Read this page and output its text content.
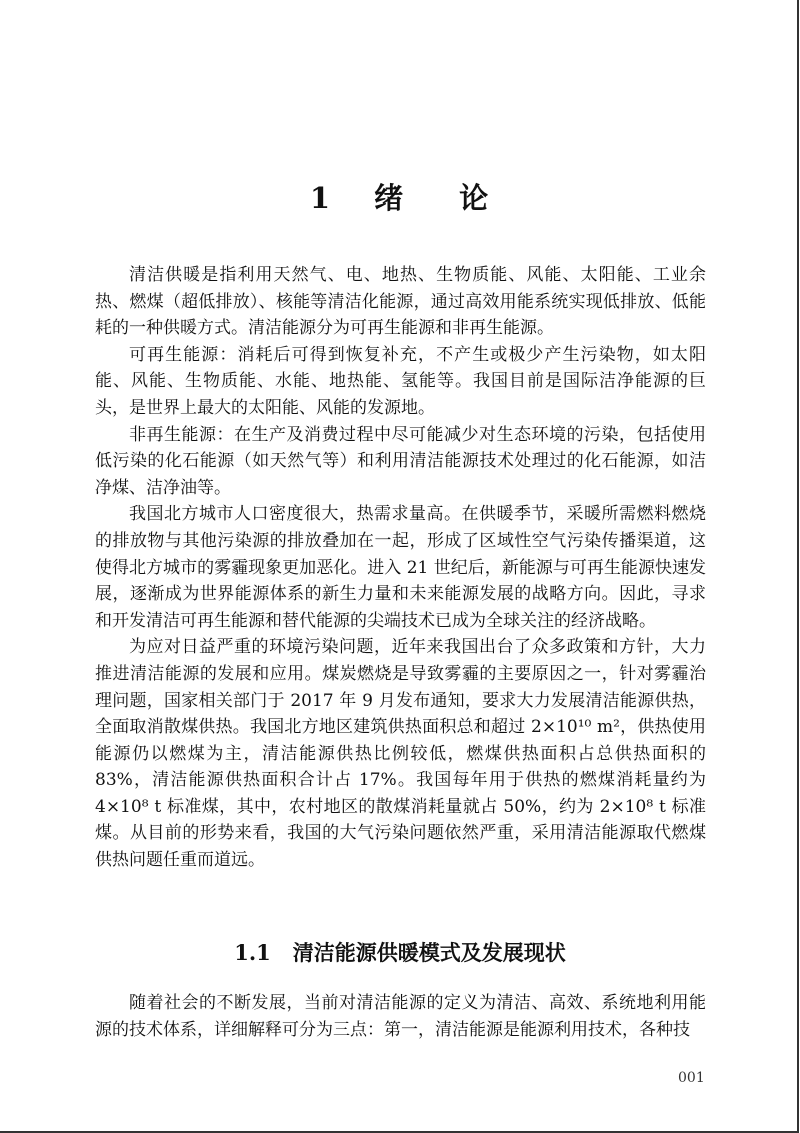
1 绪 论

清洁供暖是指利用天然气、电、地热、生物质能、风能、太阳能、工业余热、燃煤（超低排放）、核能等清洁化能源，通过高效用能系统实现低排放、低能耗的一种供暖方式。清洁能源分为可再生能源和非再生能源。

可再生能源：消耗后可得到恢复补充，不产生或极少产生污染物，如太阳能、风能、生物质能、水能、地热能、氢能等。我国目前是国际洁净能源的巨头，是世界上最大的太阳能、风能的发源地。

非再生能源：在生产及消费过程中尽可能减少对生态环境的污染，包括使用低污染的化石能源（如天然气等）和利用清洁能源技术处理过的化石能源，如洁净煤、洁净油等。

我国北方城市人口密度很大，热需求量高。在供暖季节，采暖所需燃料燃烧的排放物与其他污染源的排放叠加在一起，形成了区域性空气污染传播渠道，这使得北方城市的雾霾现象更加恶化。进入 21 世纪后，新能源与可再生能源快速发展，逐渐成为世界能源体系的新生力量和未来能源发展的战略方向。因此，寻求和开发清洁可再生能源和替代能源的尖端技术已成为全球关注的经济战略。

为应对日益严重的环境污染问题，近年来我国出台了众多政策和方针，大力推进清洁能源的发展和应用。煤炭燃烧是导致雾霾的主要原因之一，针对雾霾治理问题，国家相关部门于 2017 年 9 月发布通知，要求大力发展清洁能源供热，全面取消散煤供热。我国北方地区建筑供热面积总和超过 2×10¹⁰ m²，供热使用能源仍以燃煤为主，清洁能源供热比例较低，燃煤供热面积占总供热面积的 83%，清洁能源供热面积合计占 17%。我国每年用于供热的燃煤消耗量约为 4×10⁸ t 标准煤，其中，农村地区的散煤消耗量就占 50%，约为 2×10⁸ t 标准煤。从目前的形势来看，我国的大气污染问题依然严重，采用清洁能源取代燃煤供热问题任重而道远。

1.1 清洁能源供暖模式及发展现状

随着社会的不断发展，当前对清洁能源的定义为清洁、高效、系统地利用能源的技术体系，详细解释可分为三点：第一，清洁能源是能源利用技术，各种技

001
